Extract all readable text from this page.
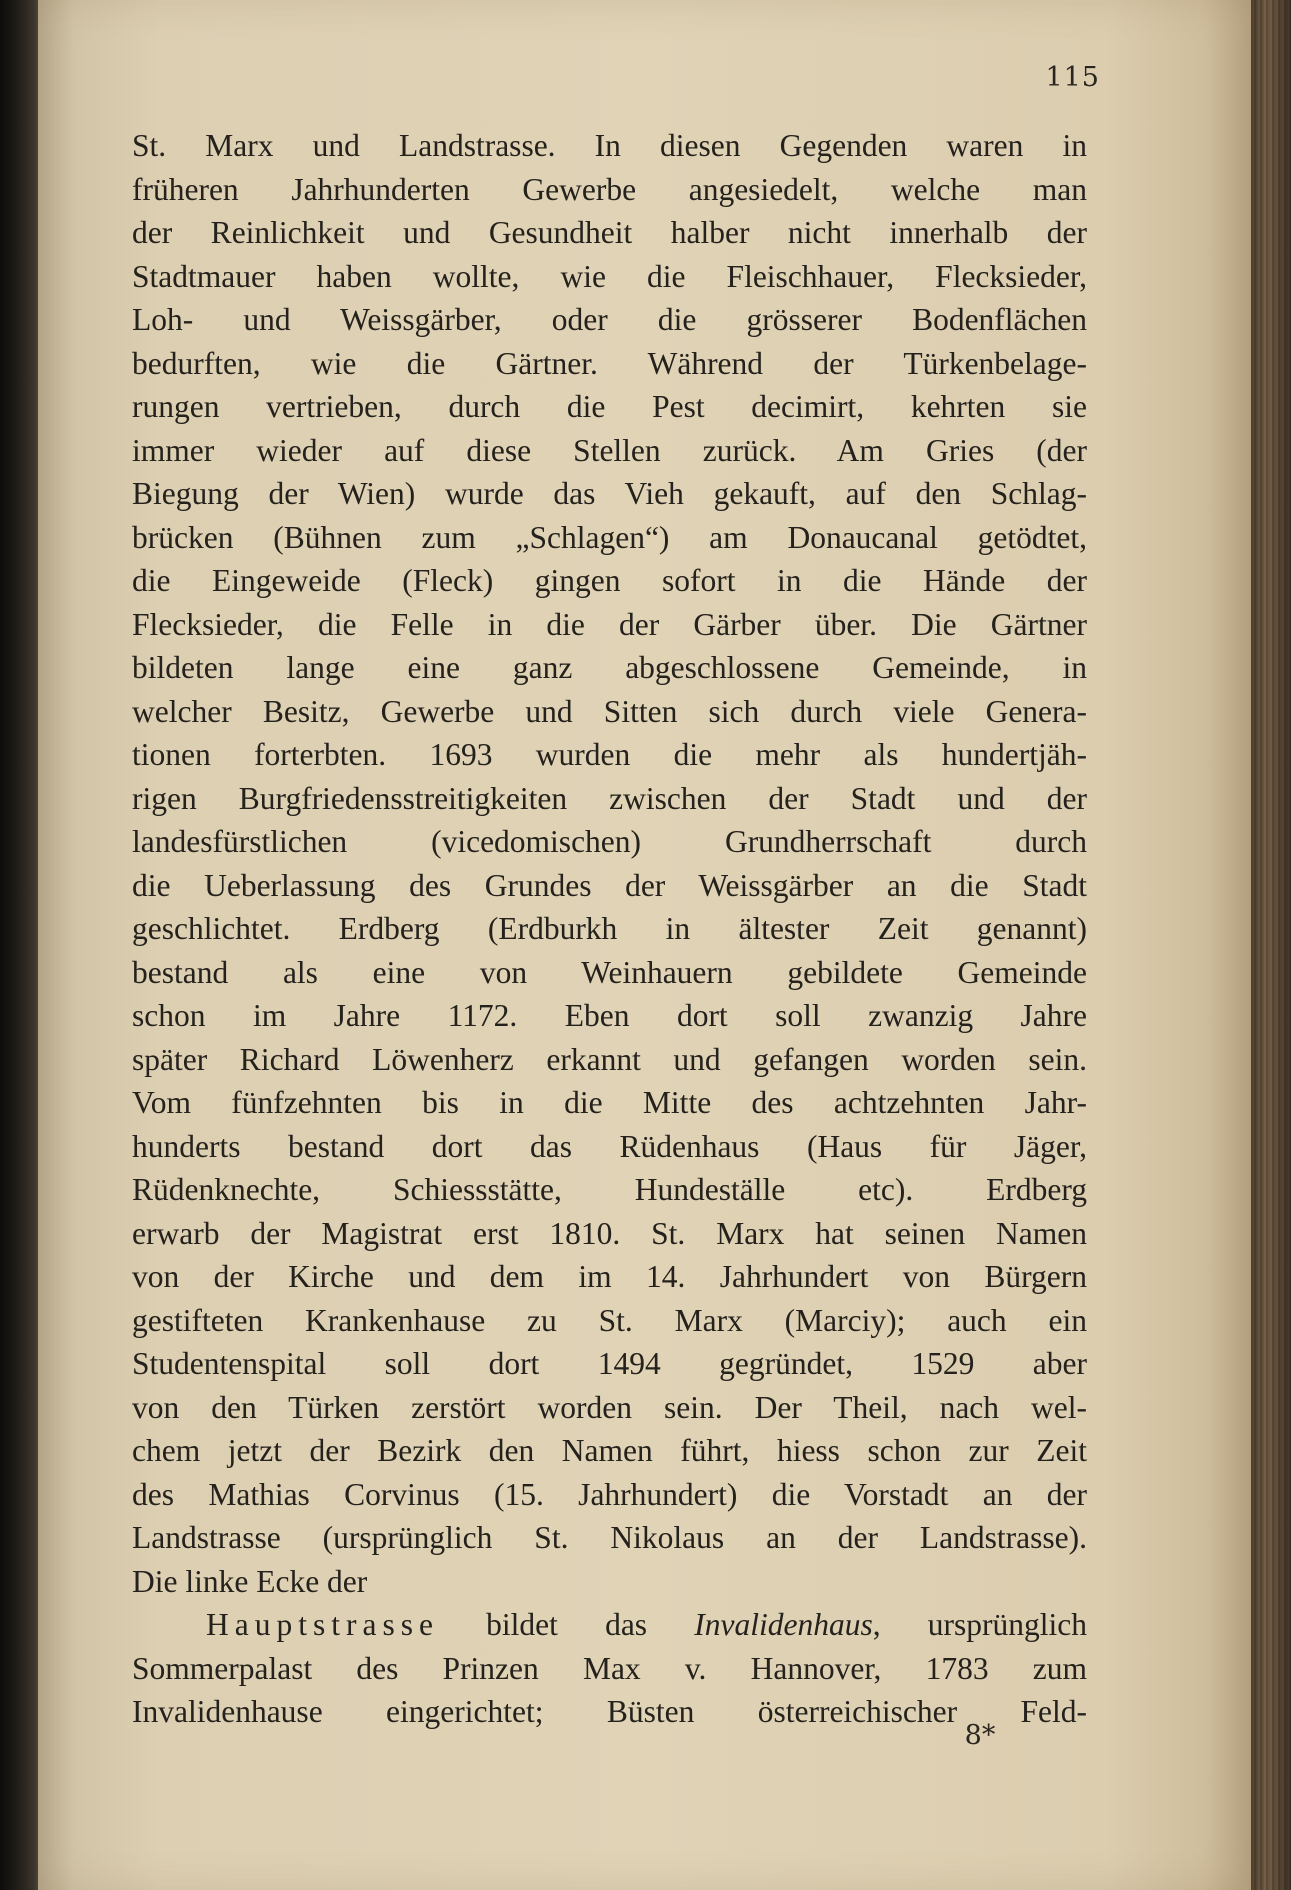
115
St. Marx und Landstrasse. In diesen Gegenden waren in
früheren Jahrhunderten Gewerbe angesiedelt, welche man
der Reinlichkeit und Gesundheit halber nicht innerhalb der
Stadtmauer haben wollte, wie die Fleischhauer, Flecksieder,
Loh- und Weissgärber, oder die grösserer Bodenflächen
bedurften, wie die Gärtner. Während der Türkenbelage-
rungen vertrieben, durch die Pest decimirt, kehrten sie
immer wieder auf diese Stellen zurück. Am Gries (der
Biegung der Wien) wurde das Vieh gekauft, auf den Schlag-
brücken (Bühnen zum „Schlagen“) am Donaucanal getödtet,
die Eingeweide (Fleck) gingen sofort in die Hände der
Flecksieder, die Felle in die der Gärber über. Die Gärtner
bildeten lange eine ganz abgeschlossene Gemeinde, in
welcher Besitz, Gewerbe und Sitten sich durch viele Genera-
tionen forterbten. 1693 wurden die mehr als hundertjäh-
rigen Burgfriedensstreitigkeiten zwischen der Stadt und der
landesfürstlichen (vicedomischen) Grundherrschaft durch
die Ueberlassung des Grundes der Weissgärber an die Stadt
geschlichtet. Erdberg (Erdburkh in ältester Zeit genannt)
bestand als eine von Weinhauern gebildete Gemeinde
schon im Jahre 1172. Eben dort soll zwanzig Jahre
später Richard Löwenherz erkannt und gefangen worden sein.
Vom fünfzehnten bis in die Mitte des achtzehnten Jahr-
hunderts bestand dort das Rüdenhaus (Haus für Jäger,
Rüdenknechte, Schiessstätte, Hundeställe etc). Erdberg
erwarb der Magistrat erst 1810. St. Marx hat seinen Namen
von der Kirche und dem im 14. Jahrhundert von Bürgern
gestifteten Krankenhause zu St. Marx (Marciy); auch ein
Studentenspital soll dort 1494 gegründet, 1529 aber
von den Türken zerstört worden sein. Der Theil, nach wel-
chem jetzt der Bezirk den Namen führt, hiess schon zur Zeit
des Mathias Corvinus (15. Jahrhundert) die Vorstadt an der
Landstrasse (ursprünglich St. Nikolaus an der Landstrasse).
Die linke Ecke der
Hauptstrasse bildet das Invalidenhaus, ursprünglich
Sommerpalast des Prinzen Max v. Hannover, 1783 zum
Invalidenhause eingerichtet; Büsten österreichischer Feld-
8*
